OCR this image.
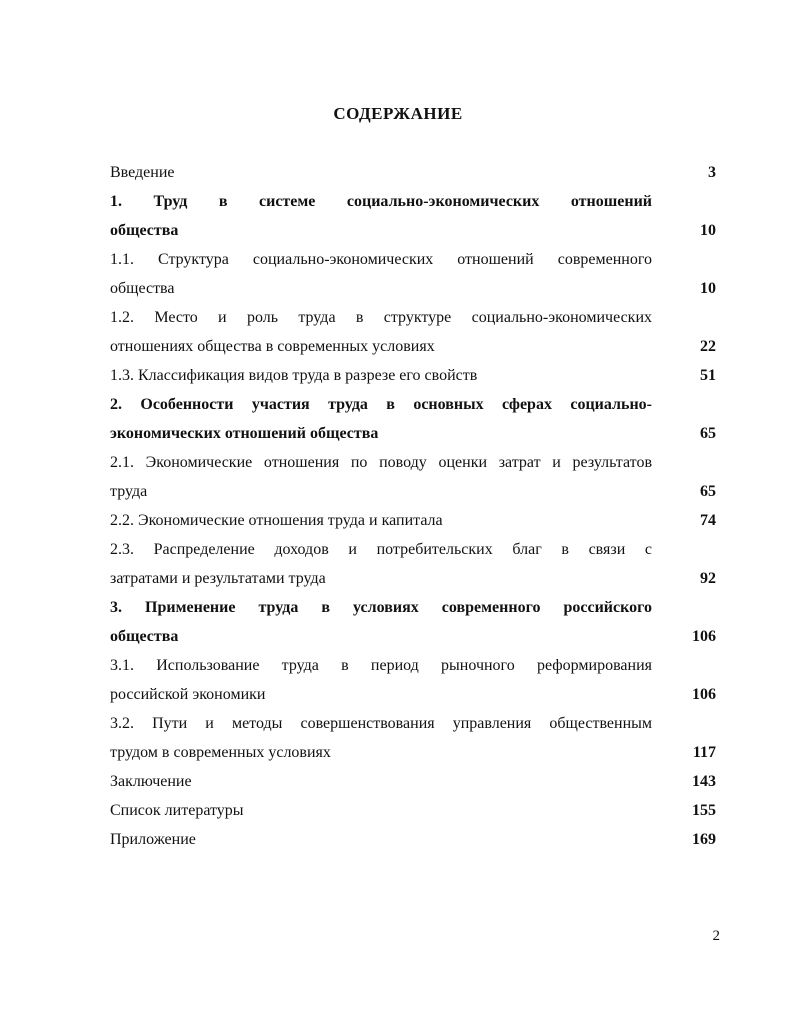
СОДЕРЖАНИЕ
Введение	3
1. Труд в системе социально-экономических отношений
общества	10
1.1. Структура социально-экономических отношений современного
общества	10
1.2. Место и роль труда в структуре социально-экономических
отношениях общества в современных условиях	22
1.3. Классификация видов труда в разрезе его свойств	51
2. Особенности участия труда в основных сферах социально-
экономических отношений общества	65
2.1. Экономические отношения по поводу оценки затрат и результатов
труда	65
2.2. Экономические отношения труда и капитала	74
2.3. Распределение доходов и потребительских благ в связи с
затратами и результатами труда	92
3. Применение труда в условиях современного российского
общества	106
3.1. Использование труда в период рыночного реформирования
российской экономики	106
3.2. Пути и методы совершенствования управления общественным
трудом в современных условиях	117
Заключение	143
Список литературы	155
Приложение	169
2
